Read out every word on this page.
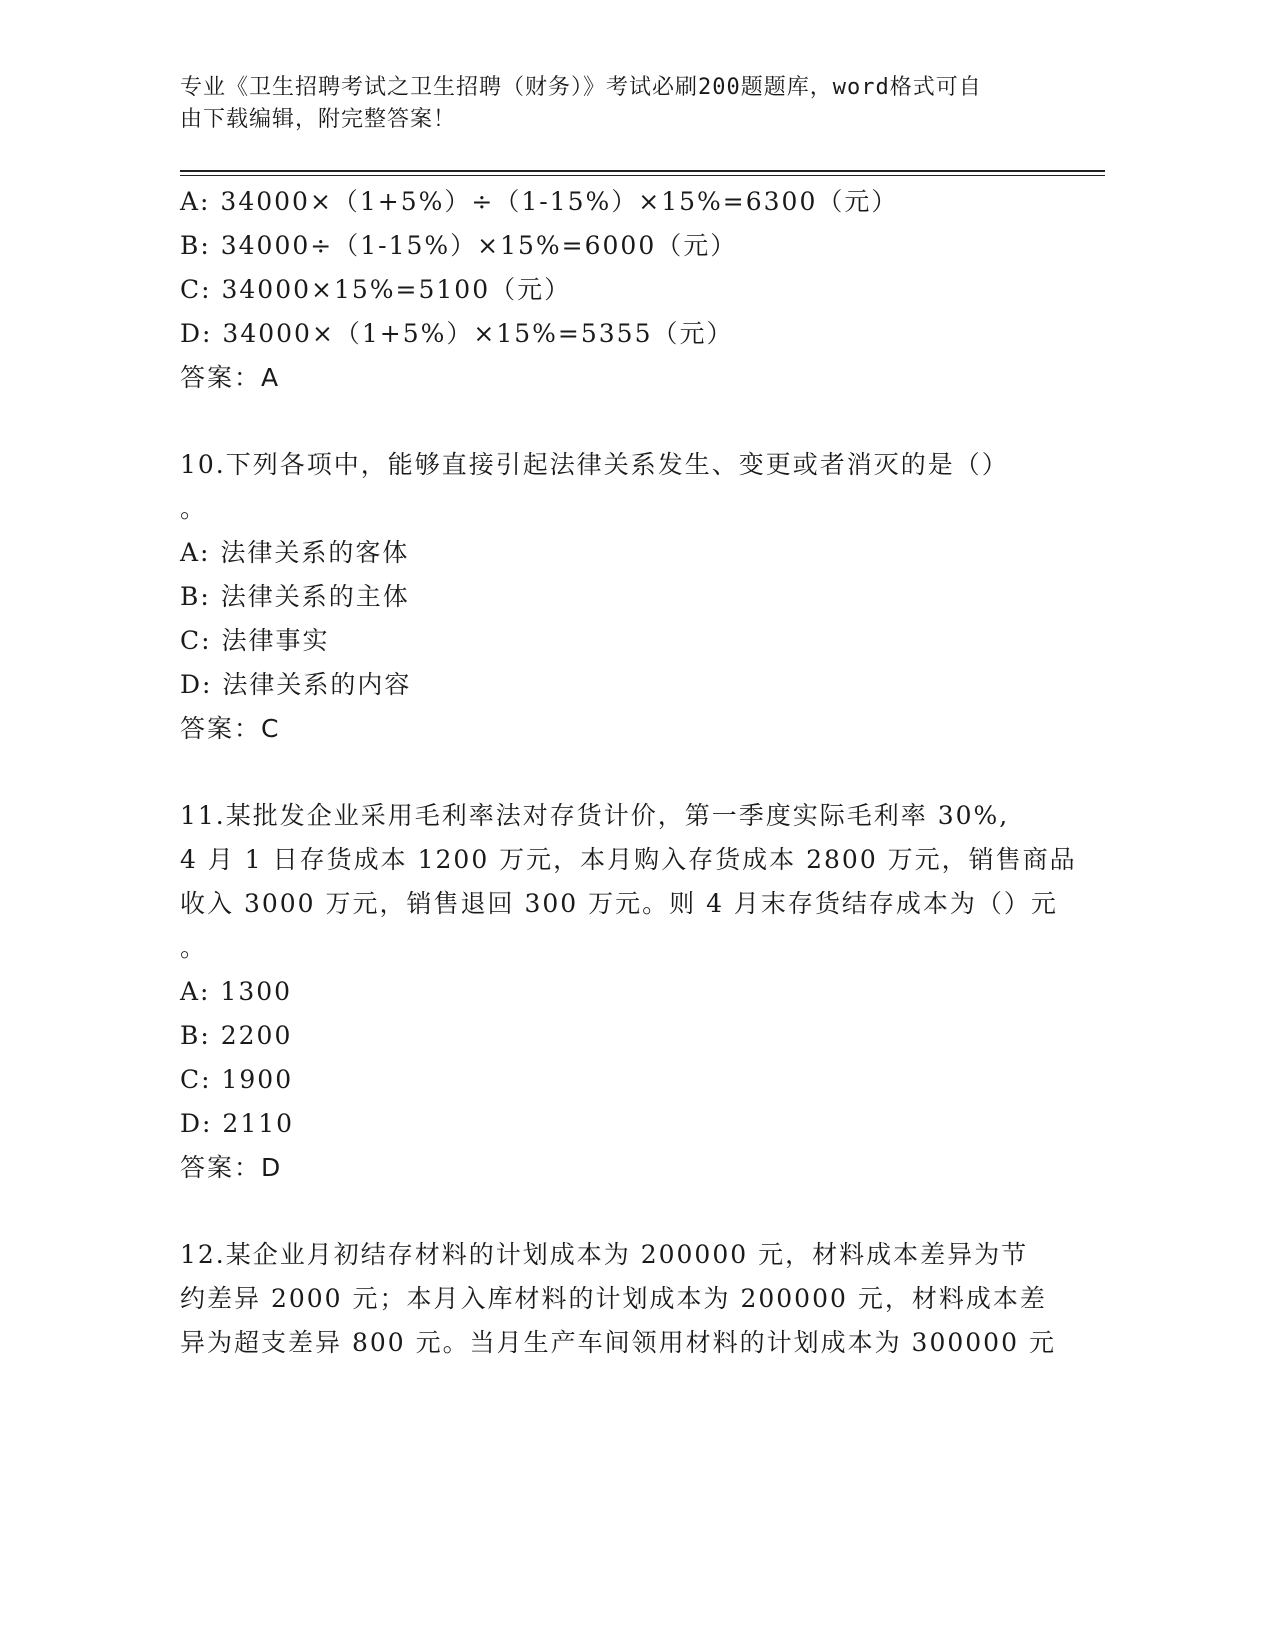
专业《卫生招聘考试之卫生招聘（财务）》考试必刷200题题库，word格式可自
由下载编辑，附完整答案！
A: 34000×（1+5%）÷（1-15%）×15%=6300（元）
B: 34000÷（1-15%）×15%=6000（元）
C: 34000×15%=5100（元）
D: 34000×（1+5%）×15%=5355（元）
答案：A
10.下列各项中，能够直接引起法律关系发生、变更或者消灭的是（）
。
A: 法律关系的客体
B: 法律关系的主体
C: 法律事实
D: 法律关系的内容
答案：C
11.某批发企业采用毛利率法对存货计价，第一季度实际毛利率 30%,
4 月 1 日存货成本 1200 万元，本月购入存货成本 2800 万元，销售商品
收入 3000 万元，销售退回 300 万元。则 4 月末存货结存成本为（）元
。
A: 1300
B: 2200
C: 1900
D: 2110
答案：D
12.某企业月初结存材料的计划成本为 200000 元，材料成本差异为节
约差异 2000 元；本月入库材料的计划成本为 200000 元，材料成本差
异为超支差异 800 元。当月生产车间领用材料的计划成本为 300000 元
